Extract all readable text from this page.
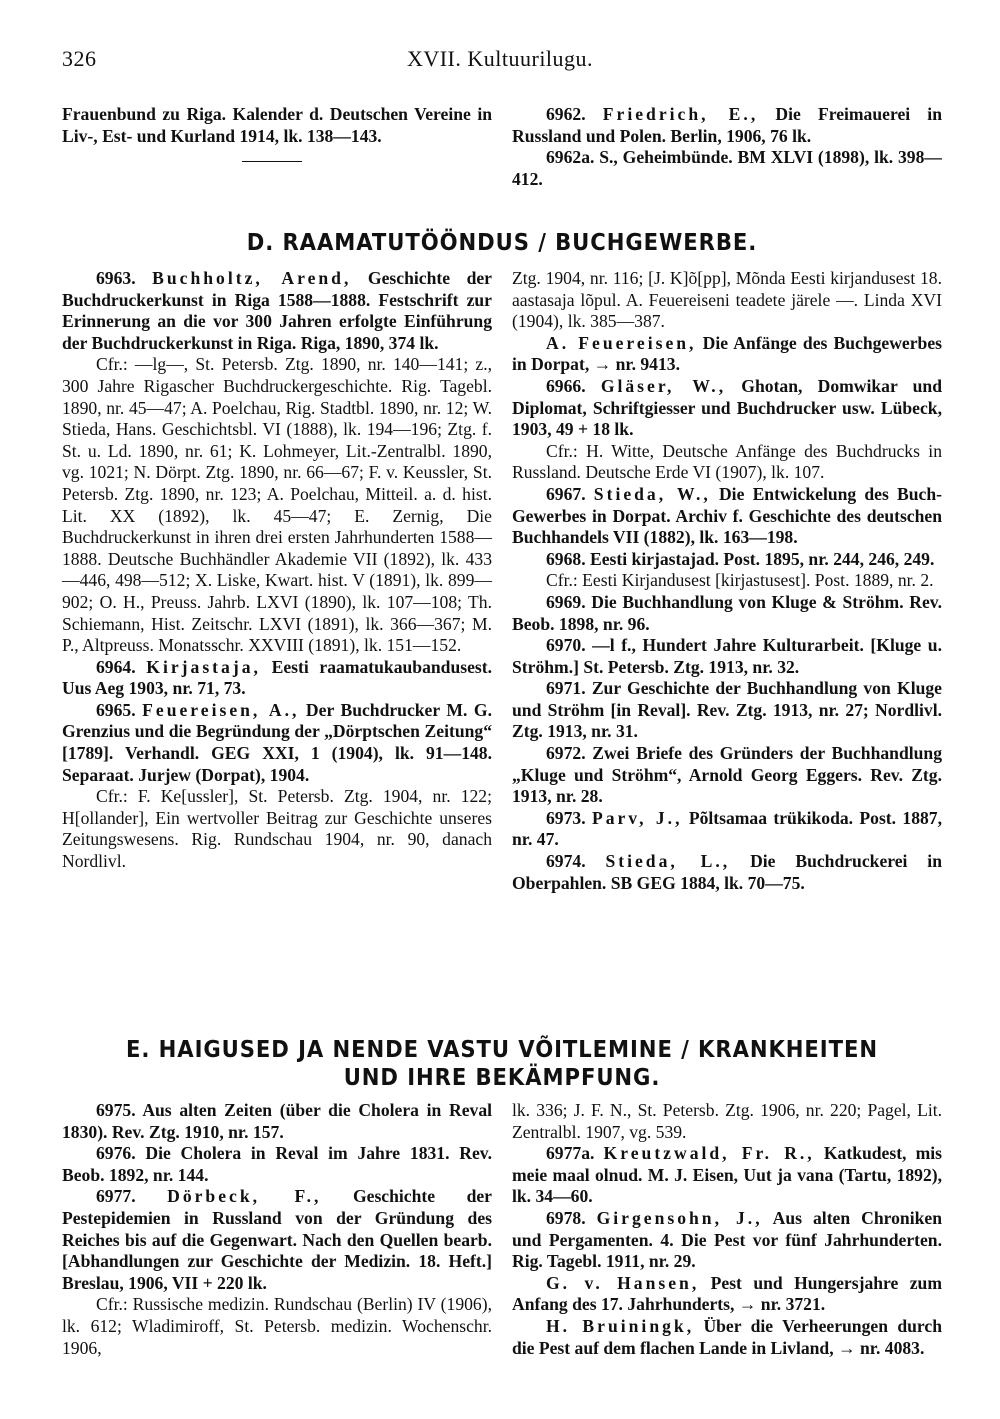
326	XVII. Kultuurilugu.

Frauenbund zu Riga. Kalender d. Deutschen Vereine in Liv-, Est- und Kurland 1914, lk. 138—143.

6962. Friedrich, E., Die Freimauerei in Russland und Polen. Berlin, 1906, 76 lk.

6962a. S., Geheimbünde. BM XLVI (1898), lk. 398—412.

D. RAAMATUTÖÖNDUS / BUCHGEWERBE.

6963. Buchholtz, Arend, Geschichte der Buchdruckerkunst in Riga 1588—1888. Festschrift zur Erinnerung an die vor 300 Jahren erfolgte Einführung der Buchdruckerkunst in Riga. Riga, 1890, 374 lk.

Cfr.: —lg—, St. Petersb. Ztg. 1890, nr. 140—141; z., 300 Jahre Rigascher Buchdruckergeschichte. Rig. Tagebl. 1890, nr. 45—47; A. Poelchau, Rig. Stadtbl. 1890, nr. 12; W. Stieda, Hans. Geschichtsbl. VI (1888), lk. 194—196; Ztg. f. St. u. Ld. 1890, nr. 61; K. Lohmeyer, Lit.-Zentralbl. 1890, vg. 1021; N. Dörpt. Ztg. 1890, nr. 66—67; F. v. Keussler, St. Petersb. Ztg. 1890, nr. 123; A. Poelchau, Mitteil. a. d. hist. Lit. XX (1892), lk. 45—47; E. Zernig, Die Buchdruckerkunst in ihren drei ersten Jahrhunderten 1588—1888. Deutsche Buchhändler Akademie VII (1892), lk. 433—446, 498—512; X. Liske, Kwart. hist. V (1891), lk. 899—902; O. H., Preuss. Jahrb. LXVI (1890), lk. 107—108; Th. Schiemann, Hist. Zeitschr. LXVI (1891), lk. 366—367; M. P., Altpreuss. Monatsschr. XXVIII (1891), lk. 151—152.

6964. Kirjastaja, Eesti raamatukaubandusest. Uus Aeg 1903, nr. 71, 73.

6965. Feuereisen, A., Der Buchdrucker M. G. Grenzius und die Begründung der „Dörptschen Zeitung“ [1789]. Verhandl. GEG XXI, 1 (1904), lk. 91—148. Separaat. Jurjew (Dorpat), 1904.

Cfr.: F. Ke[ussler], St. Petersb. Ztg. 1904, nr. 122; H[ollander], Ein wertvoller Beitrag zur Geschichte unseres Zeitungswesens. Rig. Rundschau 1904, nr. 90, danach Nordlivl.

Ztg. 1904, nr. 116; [J. K]õ[pp], Mõnda Eesti kirjandusest 18. aastasaja lõpul. A. Feuereiseni teadete järele —. Linda XVI (1904), lk. 385—387.

A. Feuereisen, Die Anfänge des Buchgewerbes in Dorpat, → nr. 9413.

6966. Gläser, W., Ghotan, Domwikar und Diplomat, Schriftgiesser und Buchdrucker usw. Lübeck, 1903, 49 + 18 lk.

Cfr.: H. Witte, Deutsche Anfänge des Buchdrucks in Russland. Deutsche Erde VI (1907), lk. 107.

6967. Stieda, W., Die Entwickelung des Buch-Gewerbes in Dorpat. Archiv f. Geschichte des deutschen Buchhandels VII (1882), lk. 163—198.

6968. Eesti kirjastajad. Post. 1895, nr. 244, 246, 249.

Cfr.: Eesti Kirjandusest [kirjastusest]. Post. 1889, nr. 2.

6969. Die Buchhandlung von Kluge & Ströhm. Rev. Beob. 1898, nr. 96.

6970. —l f., Hundert Jahre Kulturarbeit. [Kluge u. Ströhm.] St. Petersb. Ztg. 1913, nr. 32.

6971. Zur Geschichte der Buchhandlung von Kluge und Ströhm [in Reval]. Rev. Ztg. 1913, nr. 27; Nordlivl. Ztg. 1913, nr. 31.

6972. Zwei Briefe des Gründers der Buchhandlung „Kluge und Ströhm“, Arnold Georg Eggers. Rev. Ztg. 1913, nr. 28.

6973. Parv, J., Põltsamaa trükikoda. Post. 1887, nr. 47.

6974. Stieda, L., Die Buchdruckerei in Oberpahlen. SB GEG 1884, lk. 70—75.

E. HAIGUSED JA NENDE VASTU VÕITLEMINE / KRANKHEITEN
UND IHRE BEKÄMPFUNG.

6975. Aus alten Zeiten (über die Cholera in Reval 1830). Rev. Ztg. 1910, nr. 157.

6976. Die Cholera in Reval im Jahre 1831. Rev. Beob. 1892, nr. 144.

6977. Dörbeck, F., Geschichte der Pestepidemien in Russland von der Gründung des Reiches bis auf die Gegenwart. Nach den Quellen bearb. [Abhandlungen zur Geschichte der Medizin. 18. Heft.] Breslau, 1906, VII + 220 lk.

Cfr.: Russische medizin. Rundschau (Berlin) IV (1906), lk. 612; Wladimiroff, St. Petersb. medizin. Wochenschr. 1906,

lk. 336; J. F. N., St. Petersb. Ztg. 1906, nr. 220; Pagel, Lit. Zentralbl. 1907, vg. 539.

6977a. Kreutzwald, Fr. R., Katkudest, mis meie maal olnud. M. J. Eisen, Uut ja vana (Tartu, 1892), lk. 34—60.

6978. Girgensohn, J., Aus alten Chroniken und Pergamenten. 4. Die Pest vor fünf Jahrhunderten. Rig. Tagebl. 1911, nr. 29.

G. v. Hansen, Pest und Hungersjahre zum Anfang des 17. Jahrhunderts, → nr. 3721.

H. Bruiningk, Über die Verheerungen durch die Pest auf dem flachen Lande in Livland, → nr. 4083.
